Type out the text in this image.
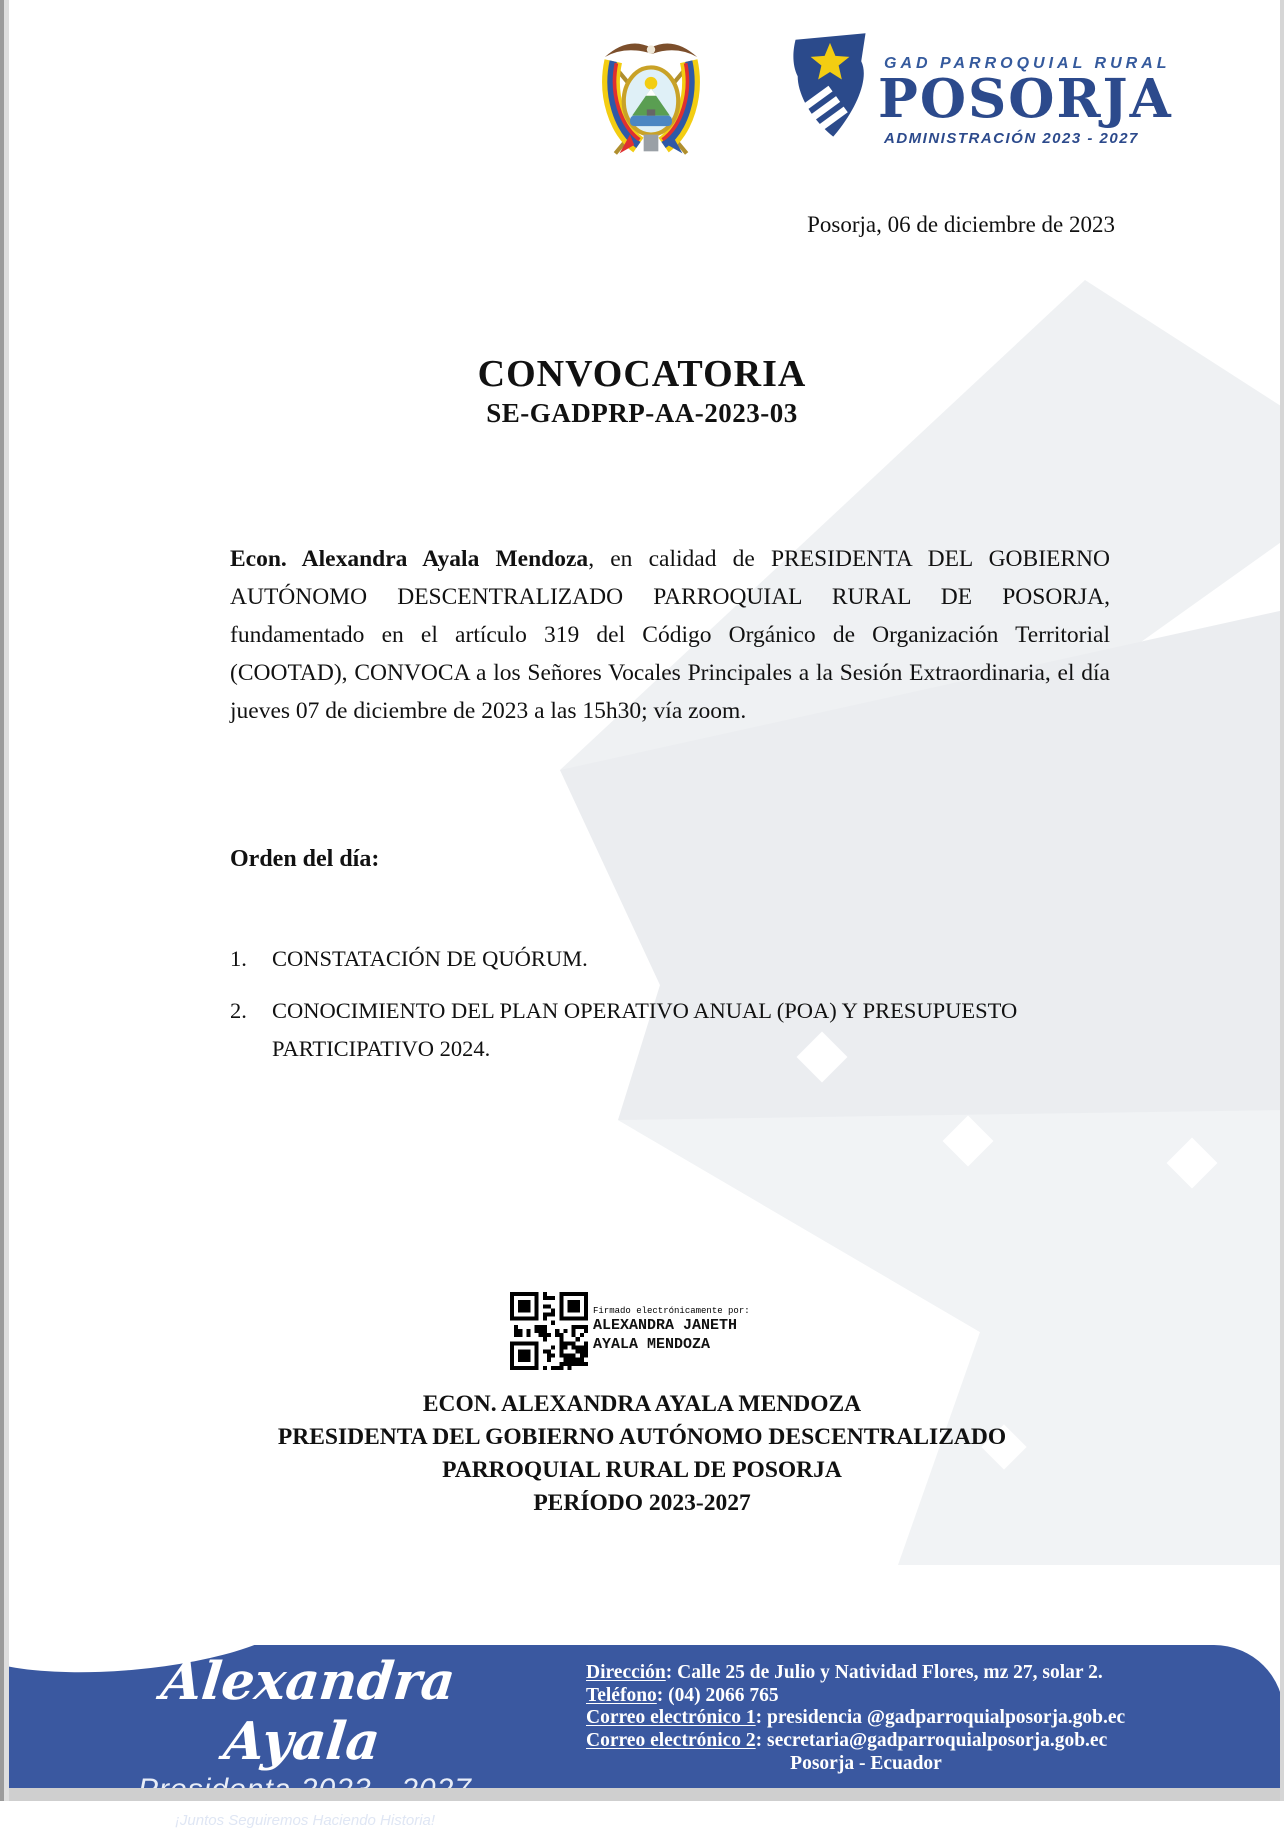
GAD PARROQUIAL RURAL
POSORJA
ADMINISTRACIÓN 2023 - 2027
Posorja, 06 de diciembre de 2023
CONVOCATORIA
SE-GADPRP-AA-2023-03
Econ. Alexandra Ayala Mendoza, en calidad de PRESIDENTA DEL GOBIERNO AUTÓNOMO DESCENTRALIZADO PARROQUIAL RURAL DE POSORJA, fundamentado en el artículo 319 del Código Orgánico de Organización Territorial (COOTAD), CONVOCA a los Señores Vocales Principales a la Sesión Extraordinaria, el día jueves 07 de diciembre de 2023 a las 15h30; vía zoom.
Orden del día:
1.	CONSTATACIÓN DE QUÓRUM.
2.	CONOCIMIENTO DEL PLAN OPERATIVO ANUAL (POA) Y PRESUPUESTO PARTICIPATIVO 2024.
Firmado electrónicamente por:
ALEXANDRA JANETH
AYALA MENDOZA
ECON. ALEXANDRA AYALA MENDOZA
PRESIDENTA DEL GOBIERNO AUTÓNOMO DESCENTRALIZADO
PARROQUIAL RURAL DE POSORJA
PERÍODO 2023-2027
Alexandra Ayala
¡Juntos Seguiremos Haciendo Historia!
Dirección: Calle 25 de Julio y Natividad Flores, mz 27, solar 2.
Teléfono: (04) 2066 765
Correo electrónico 1: presidencia @gadparroquialposorja.gob.ec
Correo electrónico 2: secretaria@gadparroquialposorja.gob.ec
Posorja - Ecuador
